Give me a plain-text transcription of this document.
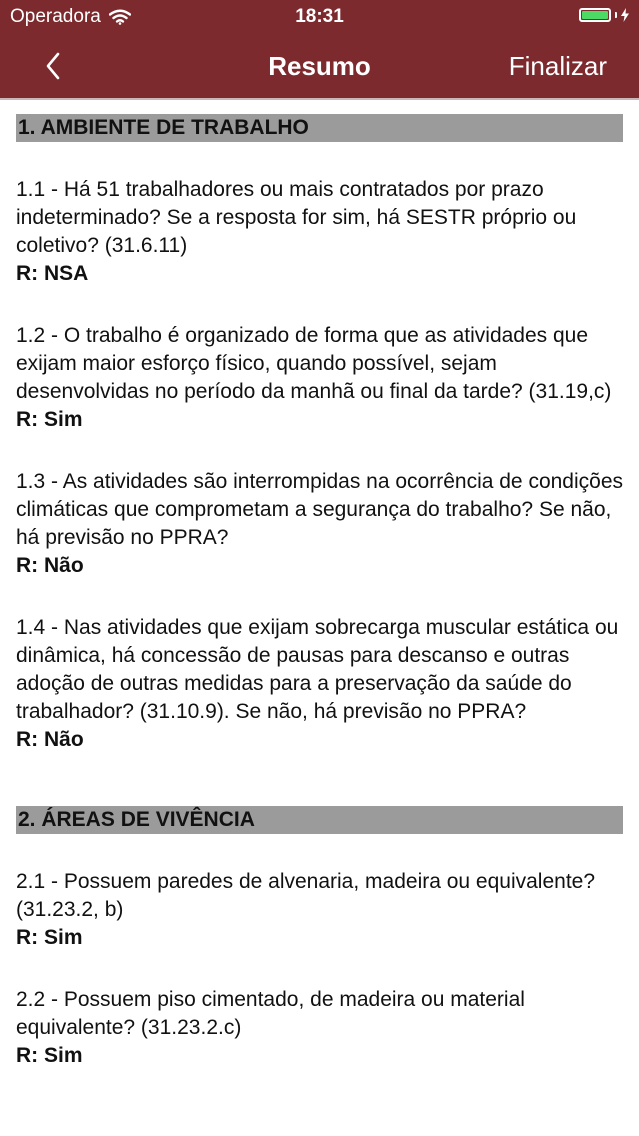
Operadora	18:31
Resumo	Finalizar
1. AMBIENTE DE TRABALHO
1.1 - Há 51 trabalhadores ou mais contratados por prazo indeterminado? Se a resposta for sim, há SESTR próprio ou coletivo? (31.6.11)
R: NSA
1.2 - O trabalho é organizado de forma que as atividades que exijam maior esforço físico, quando possível, sejam desenvolvidas no período da manhã ou final da tarde? (31.19,c)
R: Sim
1.3 - As atividades são interrompidas na ocorrência de condições climáticas que comprometam a segurança do trabalho? Se não, há previsão no PPRA?
R: Não
1.4 - Nas atividades que exijam sobrecarga muscular estática ou dinâmica, há concessão de pausas para descanso e outras adoção de outras medidas para a preservação da saúde do trabalhador? (31.10.9). Se não, há previsão no PPRA?
R: Não
2. ÁREAS DE VIVÊNCIA
2.1 - Possuem paredes de alvenaria, madeira ou equivalente? (31.23.2, b)
R: Sim
2.2 - Possuem piso cimentado, de madeira ou material equivalente? (31.23.2.c)
R: Sim
